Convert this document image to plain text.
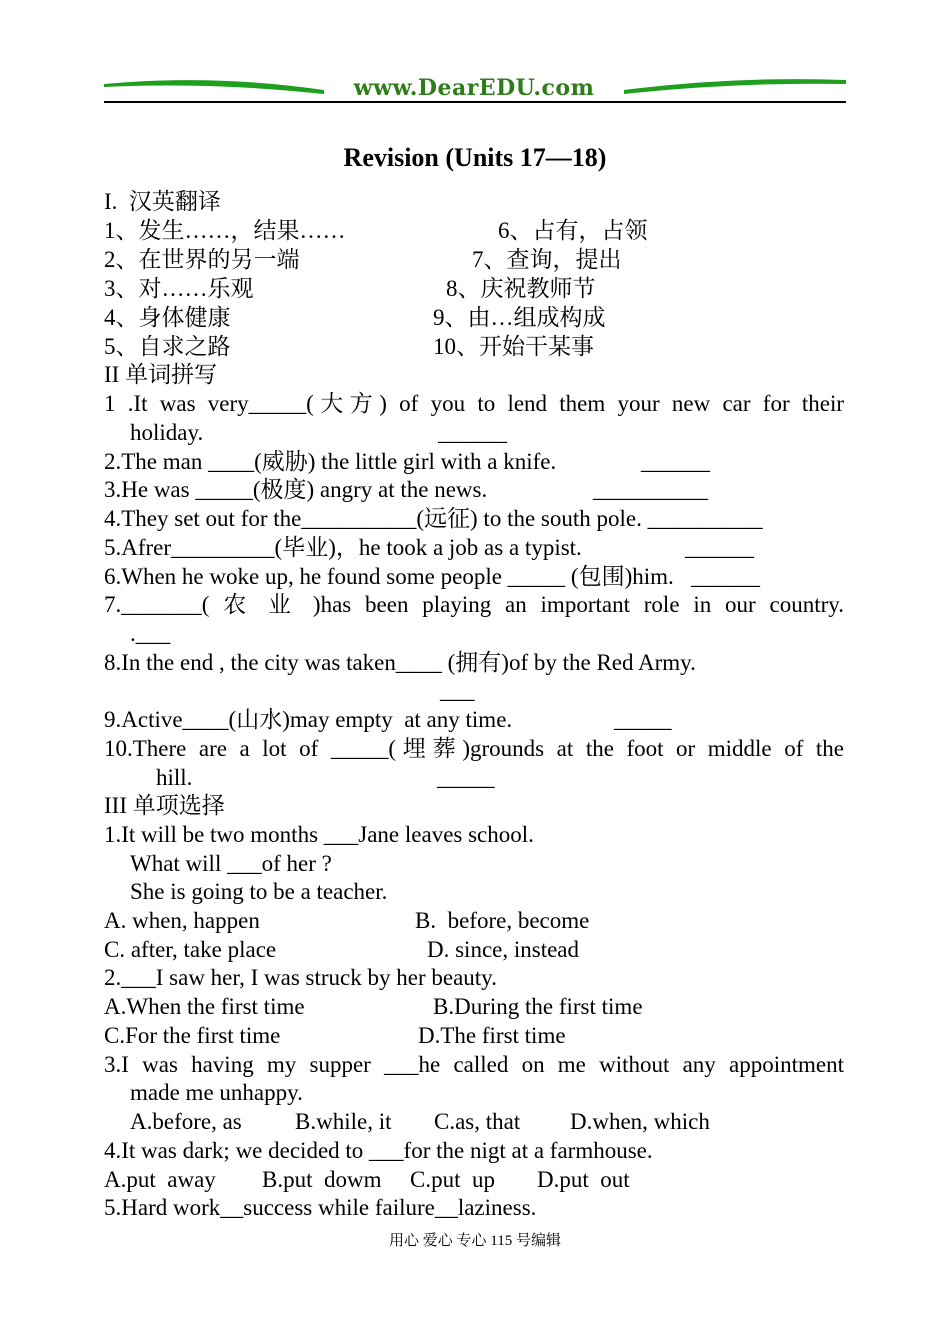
www.DearEDU.com
Revision (Units 17—18)
I.  汉英翻译
1、发生……，结果……	6、占有，占领
2、在世界的另一端	7、查询，提出
3、对……乐观	8、庆祝教师节
4、身体健康	9、由…组成构成
5、自求之路	10、开始干某事
II 单词拼写
1 .It was very_____(大方) of you to lend them your new car for their
holiday.	______
2.The man ____(威胁) the little girl with a knife.	______
3.He was _____(极度) angry at the news.	__________
4.They set out for the__________(远征) to the south pole. __________
5.Afrer_________(毕业)，he took a job as a typist.	______
6.When he woke up, he found some people _____ (包围)him.   ______
7._______( 农 业 )has been playing an important role in our country.
.___
8.In the end , the city was taken____ (拥有)of by the Red Army.
___
9.Active____(山水)may empty  at any time.	_____
10.There are a lot of _____(埋葬)grounds at the foot or middle of the
hill.	_____
III 单项选择
1.It will be two months ___Jane leaves school.
What will ___of her ?
She is going to be a teacher.
A. when, happen	B.  before, become
C. after, take place	D. since, instead
2.___I saw her, I was struck by her beauty.
A.When the first time	B.During the first time
C.For the first time	D.The first time
3.I was having my supper ___he called on me without any appointment
made me unhappy.
A.before, as B.while, it C.as, that D.when, which
4.It was dark; we decided to ___for the nigt at a farmhouse.
A.put  away B.put  dowm C.put  up D.put  out
5.Hard work__success while failure__laziness.
用心 爱心 专心 115 号编辑
